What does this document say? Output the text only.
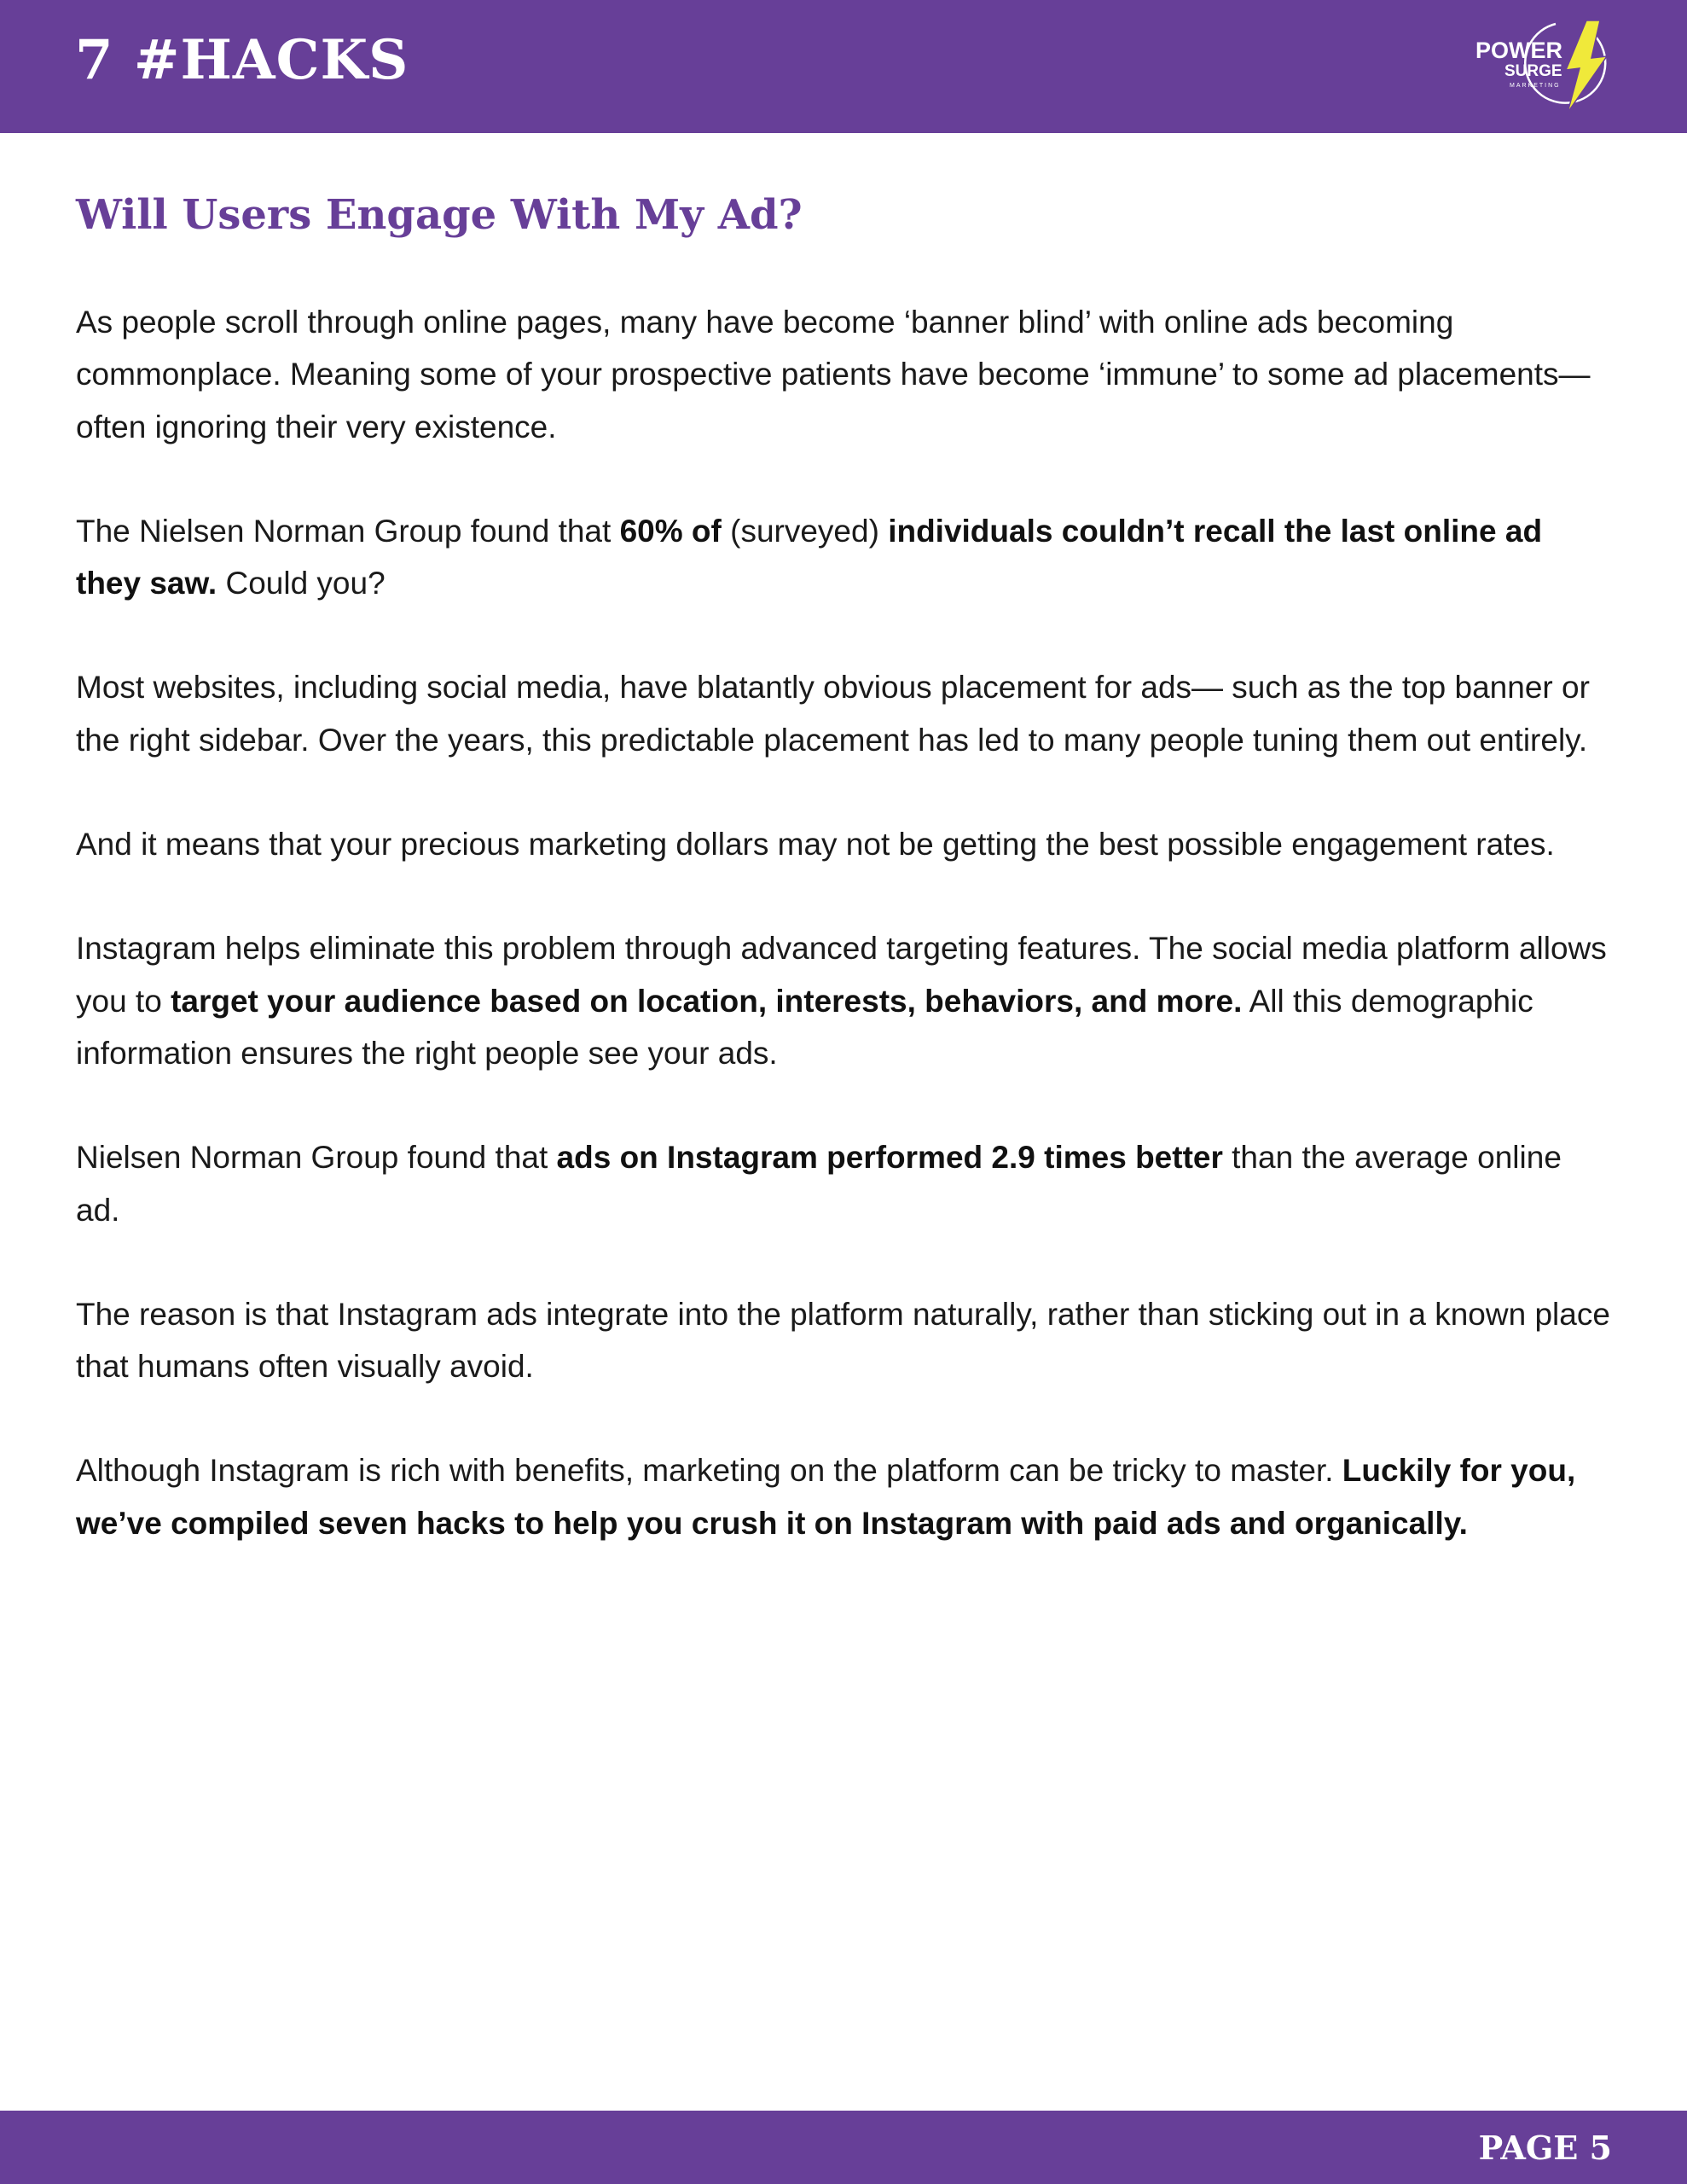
7 #HACKS	POWER
SURGE
MARKETING
Will Users Engage With My Ad?

As people scroll through online pages, many have become ‘banner blind’ with online ads becoming commonplace. Meaning some of your prospective patients have become ‘immune’ to some ad placements— often ignoring their very existence.

The Nielsen Norman Group found that 60% of (surveyed) individuals couldn’t recall the last online ad they saw. Could you?

Most websites, including social media, have blatantly obvious placement for ads— such as the top banner or the right sidebar. Over the years, this predictable placement has led to many people tuning them out entirely.

And it means that your precious marketing dollars may not be getting the best possible engagement rates.

Instagram helps eliminate this problem through advanced targeting features. The social media platform allows you to target your audience based on location, interests, behaviors, and more. All this demographic information ensures the right people see your ads.

Nielsen Norman Group found that ads on Instagram performed 2.9 times better than the average online ad.

The reason is that Instagram ads integrate into the platform naturally, rather than sticking out in a known place that humans often visually avoid.

Although Instagram is rich with benefits, marketing on the platform can be tricky to master. Luckily for you, we’ve compiled seven hacks to help you crush it on Instagram with paid ads and organically.

PAGE 5
